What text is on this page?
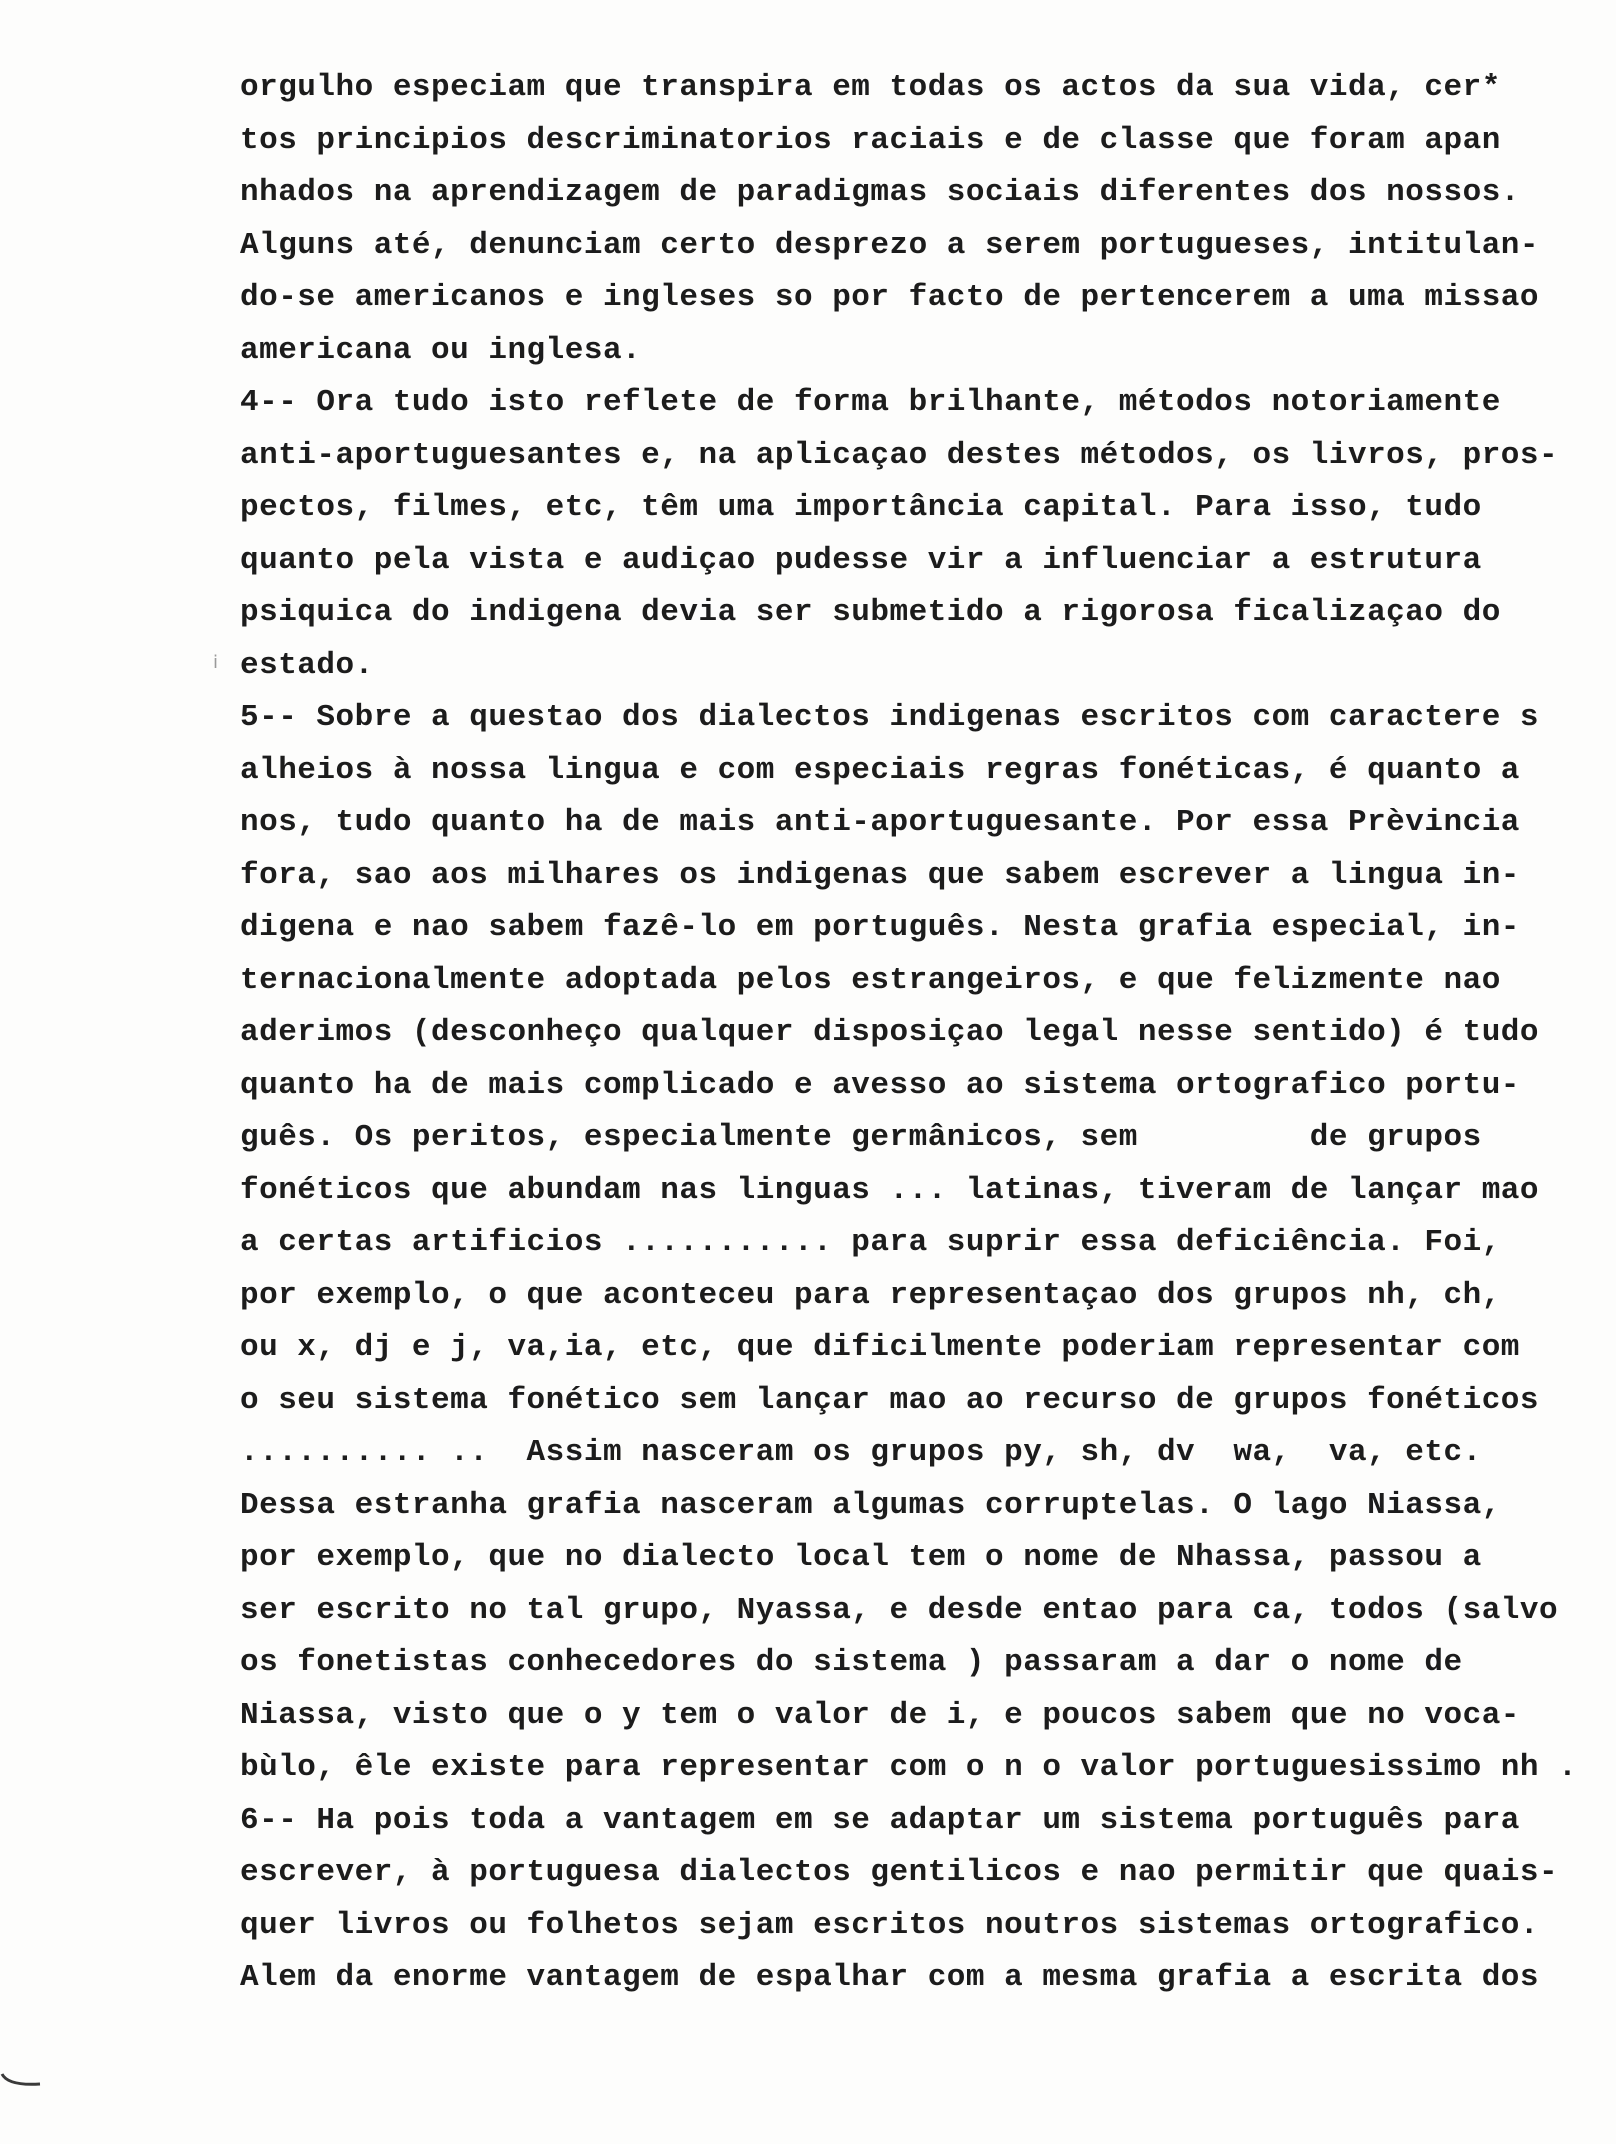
ⅰ
orgulho especiam que transpira em todas os actos da sua vida, cer*
tos principios descriminatorios raciais e de classe que foram apan
nhados na aprendizagem de paradigmas sociais diferentes dos nossos.
Alguns até, denunciam certo desprezo a serem portugueses, intitulan-
do-se americanos e ingleses so por facto de pertencerem a uma missao
americana ou inglesa.
4-- Ora tudo isto reflete de forma brilhante, métodos notoriamente
anti-aportuguesantes e, na aplicaçao destes métodos, os livros, pros-
pectos, filmes, etc, têm uma importância capital. Para isso, tudo
quanto pela vista e audiçao pudesse vir a influenciar a estrutura
psiquica do indigena devia ser submetido a rigorosa ficalizaçao do
estado.
5-- Sobre a questao dos dialectos indigenas escritos com caractere s
alheios à nossa lingua e com especiais regras fonéticas, é quanto a
nos, tudo quanto ha de mais anti-aportuguesante. Por essa Prèvincia
fora, sao aos milhares os indigenas que sabem escrever a lingua in-
digena e nao sabem fazê-lo em português. Nesta grafia especial, in-
ternacionalmente adoptada pelos estrangeiros, e que felizmente nao
aderimos (desconheço qualquer disposiçao legal nesse sentido) é tudo
quanto ha de mais complicado e avesso ao sistema ortografico portu-
guês. Os peritos, especialmente germânicos, sem         de grupos
fonéticos que abundam nas linguas ... latinas, tiveram de lançar mao
a certas artificios ........... para suprir essa deficiência. Foi,
por exemplo, o que aconteceu para representaçao dos grupos nh, ch,
ou x, dj e j, va,ia, etc, que dificilmente poderiam representar com
o seu sistema fonético sem lançar mao ao recurso de grupos fonéticos
.......... ..  Assim nasceram os grupos py, sh, dv  wa,  va, etc.
Dessa estranha grafia nasceram algumas corruptelas. O lago Niassa,
por exemplo, que no dialecto local tem o nome de Nhassa, passou a
ser escrito no tal grupo, Nyassa, e desde entao para ca, todos (salvo
os fonetistas conhecedores do sistema ) passaram a dar o nome de
Niassa, visto que o y tem o valor de i, e poucos sabem que no voca-
bùlo, êle existe para representar com o n o valor portuguesissimo nh .
6-- Ha pois toda a vantagem em se adaptar um sistema português para
escrever, à portuguesa dialectos gentilicos e nao permitir que quais-
quer livros ou folhetos sejam escritos noutros sistemas ortografico.
Alem da enorme vantagem de espalhar com a mesma grafia a escrita dos
